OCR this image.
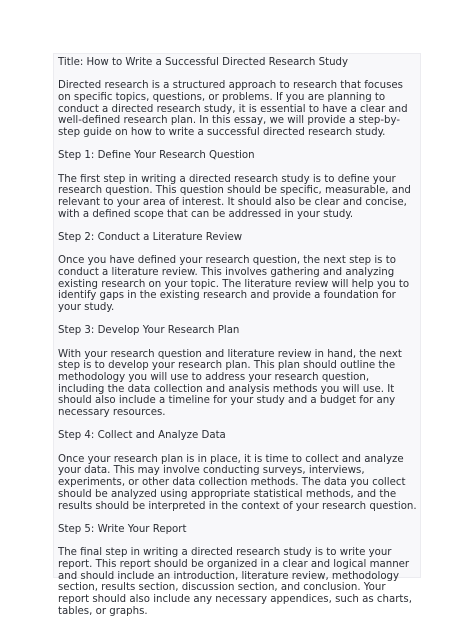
Title: How to Write a Successful Directed Research Study

Directed research is a structured approach to research that focuses on specific topics, questions, or problems. If you are planning to conduct a directed research study, it is essential to have a clear and well-defined research plan. In this essay, we will provide a step-by-step guide on how to write a successful directed research study.

Step 1: Define Your Research Question

The first step in writing a directed research study is to define your research question. This question should be specific, measurable, and relevant to your area of interest. It should also be clear and concise, with a defined scope that can be addressed in your study.

Step 2: Conduct a Literature Review

Once you have defined your research question, the next step is to conduct a literature review. This involves gathering and analyzing existing research on your topic. The literature review will help you to identify gaps in the existing research and provide a foundation for your study.

Step 3: Develop Your Research Plan

With your research question and literature review in hand, the next step is to develop your research plan. This plan should outline the methodology you will use to address your research question, including the data collection and analysis methods you will use. It should also include a timeline for your study and a budget for any necessary resources.

Step 4: Collect and Analyze Data

Once your research plan is in place, it is time to collect and analyze your data. This may involve conducting surveys, interviews, experiments, or other data collection methods. The data you collect should be analyzed using appropriate statistical methods, and the results should be interpreted in the context of your research question.

Step 5: Write Your Report

The final step in writing a directed research study is to write your report. This report should be organized in a clear and logical manner and should include an introduction, literature review, methodology section, results section, discussion section, and conclusion. Your report should also include any necessary appendices, such as charts, tables, or graphs.
